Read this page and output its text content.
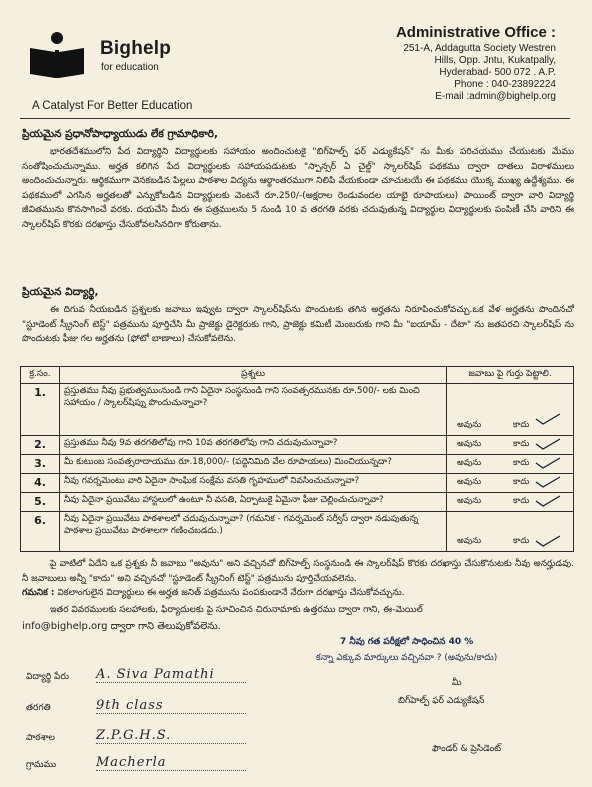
Bighelp
for education
A Catalyst For Better Education
Administrative Office :
251-A, Addagutta Society Westren
Hills, Opp. Jntu, Kukatpally,
Hyderabad- 500 072 . A.P.
Phone : 040-23892224
E-mail :admin@bighelp.org
ప్రియమైన ప్రధానోపాధ్యాయుడు లేక గ్రామాధికారి,
భారతదేశములోని పేద విద్యార్థిని విద్యార్థులకు సహాయం అందించుటకై "బిగ్‌హెల్ప్ ఫర్ ఎడ్యుకేషన్" ను మీకు పరిచయము చేయుటకు మేము సంతోషించుచున్నాము. అర్హత కలిగిన పేద విద్యార్థులకు సహాయపడుటకు "స్పాన్సర్ ఏ చైల్డ్" స్కాలర్‌షిప్ పథకము ద్వారా దాతలు విరాళములు అందించుచున్నారు. ఆర్థికముగా వెనకబడిన పిల్లలు పాఠశాల విద్యను ఆర్థాంతరముగా నిలిపి వేయకుండా చూచుటయే ఈ పథకము యొక్క ముఖ్య ఉద్దేశ్యము. ఈ పథకములో ఎగసిన అర్హతలతో ఎన్నుకోబడిన విద్యార్థులకు వెంటనే రూ.250/-(అక్షరాల రెండువందల యాభై రూపాయలు) పాయింట్ ద్వారా వారి విద్యార్థి జీవితమును కొనసాగించే వరకు. దయచేసి మీరు ఈ పత్రములను 5 నుండి 10 వ తరగతి వరకు చదువుతున్న విద్యార్థుల విద్యార్థులకు పంపిణీ చేసి వారిని ఈ స్కాలర్‌షిప్ కొరకు దరఖాస్తు చేసుకోవలసినదిగా కోరుతాను.
ప్రియమైన విద్యార్థి,
ఈ దిగువ నీయబడిన ప్రశ్నలకు జవాబు ఇవ్వుట ద్వారా స్కాలర్‌షిప్‌ను పొందుటకు తగిన అర్హతను నిరూపించుకోవచ్చు.ఒక వేళ అర్హతను పొందినచో "స్టూడెంట్ స్క్రీనింగ్ టెస్ట్" పత్రమును పూర్తిచేసి మీ ప్రాజెక్టు డైరెక్టరుకు గాని, ప్రాజెక్టు కమిటీ మెంబరుకు గాని మీ "ఐయామ్ - దేటా" ను జతపరచి స్కాలర్‌షిప్ ను పొందుటకు ఫీజు గల అర్హతను (ఫోటో బాణాలు) చేసుకోవలెను.
క్ర.సం.	ప్రశ్నలు	జవాబు పై గుర్తు పెట్టాలి.
1.	ప్రస్తుతము నీవు ప్రభుత్వముఁనుండి గాని ఏదైనా సంస్థనుండి గాని సంవత్సరమునకు రూ.500/- లకు మించి సహాయం / స్కాలర్‌షిప్ను పొందుచున్నావా?	అవును కాదు

2.	ప్రస్తుతము నీవు 9వ తరగతిలోవు గాని 10వ తరగతిలోవు గాని చదువుచున్నావా?	అవును కాదు

3.	మీ కుటుంబ సంవత్సరాదాయము రూ.18,000/- (పద్దెనిమిది వేల రూపాయలు) మించియున్నదా?	అవును కాదు

4.	నీవు గవర్నమెంటు వారి ఏదైనా సాంఘిక సంక్షేమ వసతి గృహములో నివసించుచున్నావా?	అవును కాదు

5.	నీవు ఏదైనా ప్రయివేటు హాస్టలులో ఉంటూ నీ వసతి, ఏర్పాటుకై ఏమైనా ఫీజు చెల్లించుచున్నావా?	అవును కాదు

6.	నీవు ఏదైనా ప్రయివేటు పాఠశాలలో చదువుచున్నావా? (గమనిక - గవర్నమెంట్ సర్వీస్ ద్వారా నడుపుతున్న పాఠశాల ప్రయివేటు పాఠశాలగా గణించబడదు.)	అవును కాదు
పై వాటిలో ఏదేని ఒక ప్రశ్నకు నీ జవాబు "అవును" అని వచ్చినచో బిగ్‌హెల్ప్ సంస్థనుండి ఈ స్కాలర్‌షిప్ కొరకు దరఖాస్తు చేసుకొనుటకు నీవు అనర్హుడవు. నీ జవాబులు అన్నీ "కాదు" అని వచ్చినచో "స్టూడెంట్ స్క్రీనింగ్ టెస్ట్" పత్రమును పూర్తిచేయవలెను.
గమనిక : వికలాంగులైన విద్యార్థులు ఈ అర్హత జనిత్ పత్రమును పంపకుండానే నేరుగా దరఖాస్తు చేసుకోవచ్చును.
ఇతర వివరములకు సలహాలకు, ఫిర్యాదులకు పై సూచించిన చిరునామాకు ఉత్తరము ద్వారా గాని, ఈ-మెయిల్
info@bighelp.org ద్వారా గాని తెలుపుకోవలెను.
విద్యార్థి పేరు A. Siva Pamathi
తరగతి	9th class
పాఠశాల	Z.P.G.H.S.
గ్రామము	Macherla
7 నీవు గత పరీక్షలో సాధించిన 40 %
కన్నా ఎక్కువ మార్కులు వచ్చినవా ? (అవును/కాదు)
మీ
బిగ్‌హెల్ప్ ఫర్ ఎడ్యుకేషన్
ఫౌండర్ & ప్రెసిడెంట్
